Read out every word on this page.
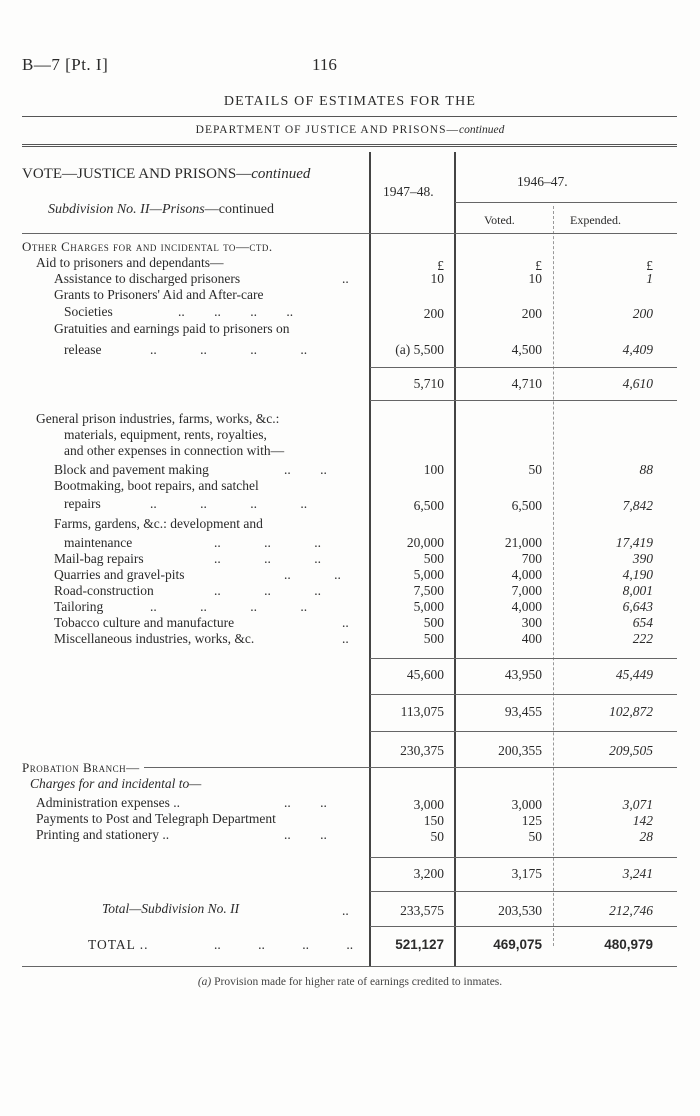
B—7 [Pt. I]	116
DETAILS OF ESTIMATES FOR THE
DEPARTMENT OF JUSTICE AND PRISONS—continued
VOTE—JUSTICE AND PRISONS—continued
Subdivision No. II—Prisons—continued
1947–48.
1946–47.
Voted.	Expended.
Other Charges for and incidental to—ctd.
Aid to prisoners and dependants—	£	£	£
Assistance to discharged prisoners	..	10	10	1
Grants to Prisoners' Aid and After-care
Societies	.. .. .. ..	200	200	200
Gratuities and earnings paid to prisoners on
release	.. .. .. ..	(a) 5,500	4,500	4,409
5,710	4,710	4,610
General prison industries, farms, works, &c.:
materials, equipment, rents, royalties,
and other expenses in connection with—
Block and pavement making	.. ..	100	50	88
Bootmaking, boot repairs, and satchel
repairs	.. .. .. ..	6,500	6,500	7,842
Farms, gardens, &c.: development and
maintenance	.. .. ..	20,000	21,000	17,419
Mail-bag repairs	.. .. ..	500	700	390
Quarries and gravel-pits	.. ..	5,000	4,000	4,190
Road-construction	.. .. ..	7,500	7,000	8,001
Tailoring	.. .. .. ..	5,000	4,000	6,643
Tobacco culture and manufacture	..	500	300	654
Miscellaneous industries, works, &c.	..	500	400	222
45,600	43,950	45,449
113,075	93,455	102,872
230,375	200,355	209,505
Probation Branch—
Charges for and incidental to—
Administration expenses ..	.. ..	3,000	3,000	3,071
Payments to Post and Telegraph Department	150	125	142
Printing and stationery ..	.. ..	50	50	28
3,200	3,175	3,241
Total—Subdivision No. II	..	233,575	203,530	212,746
TOTAL ..	.. .. .. ..	521,127	469,075	480,979
(a) Provision made for higher rate of earnings credited to inmates.
